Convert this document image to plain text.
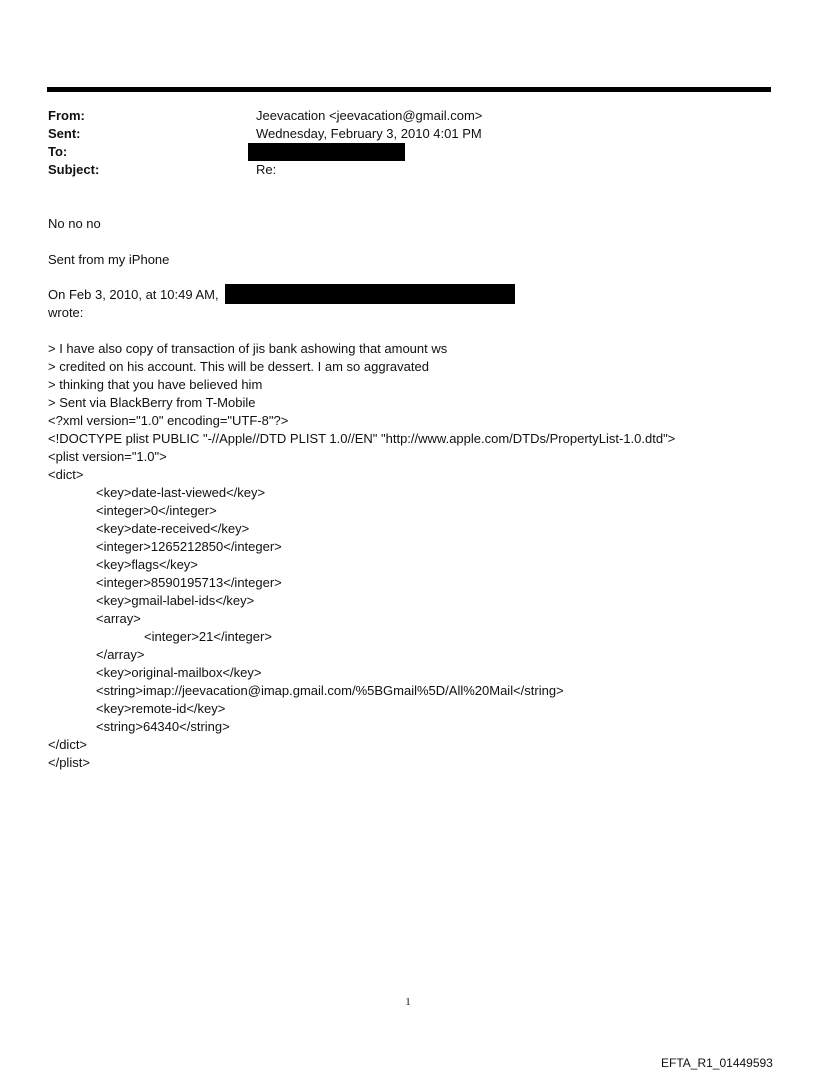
From:	Jeevacation <jeevacation@gmail.com>
Sent:	Wednesday, February 3, 2010 4:01 PM
To:
Subject:	Re:
No no no
Sent from my iPhone
On Feb 3, 2010, at 10:49 AM,
wrote:
> I have also copy of transaction of jis bank ashowing that amount ws
> credited on his account. This will be dessert. I am so aggravated
> thinking that you have believed him
> Sent via BlackBerry from T-Mobile
<?xml version="1.0" encoding="UTF-8"?>
<!DOCTYPE plist PUBLIC "-//Apple//DTD PLIST 1.0//EN" "http://www.apple.com/DTDs/PropertyList-1.0.dtd">
<plist version="1.0">
<dict>
<key>date-last-viewed</key>
<integer>0</integer>
<key>date-received</key>
<integer>1265212850</integer>
<key>flags</key>
<integer>8590195713</integer>
<key>gmail-label-ids</key>
<array>
<integer>21</integer>
</array>
<key>original-mailbox</key>
<string>imap://jeevacation@imap.gmail.com/%5BGmail%5D/All%20Mail</string>
<key>remote-id</key>
<string>64340</string>
</dict>
</plist>
1
EFTA_R1_01449593
